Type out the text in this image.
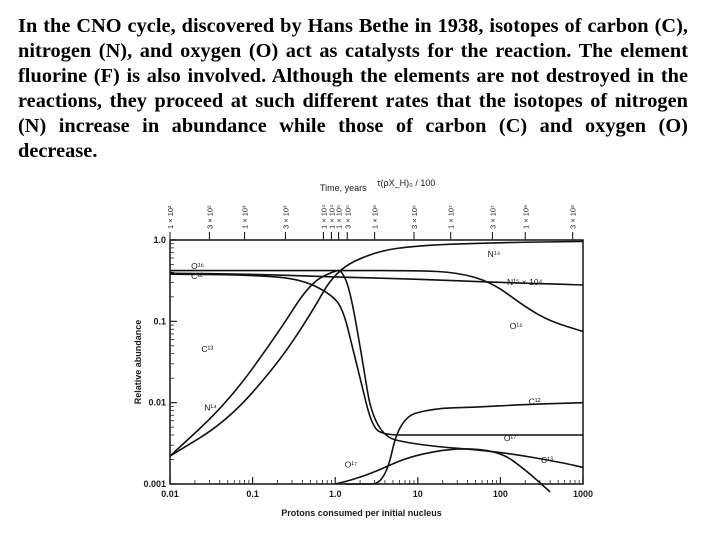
In the CNO cycle, discovered by Hans Bethe in 1938, isotopes of carbon (C), nitrogen (N), and oxygen (O) act as catalysts for the reaction. The element fluorine (F) is also involved. Although the elements are not destroyed in the reactions, they proceed at such different rates that the isotopes of nitrogen (N) increase in abundance while those of carbon (C) and oxygen (O) decrease.
0.01	0.1	1.0	10	100	1000
0.001
0.01
0.1
1.0
1 × 10²	3 × 10²	1 × 10³	3 × 10³	1 × 10⁴ 1 × 10⁴
1 × 10⁵ 3 × 10⁵ 1 × 10⁶	3 × 10⁶	1 × 10⁷	3 × 10⁷	1 × 10⁸	3 × 10⁸
Protons consumed per initial nucleus
Relative abundance
Time, years τ(ρX_H)₀ / 100
O¹⁶
C¹²
N¹⁴
N¹⁵ × 10⁴
O¹⁶
C¹³
N¹⁴
C¹²
O¹⁷
O¹⁷	C¹³
